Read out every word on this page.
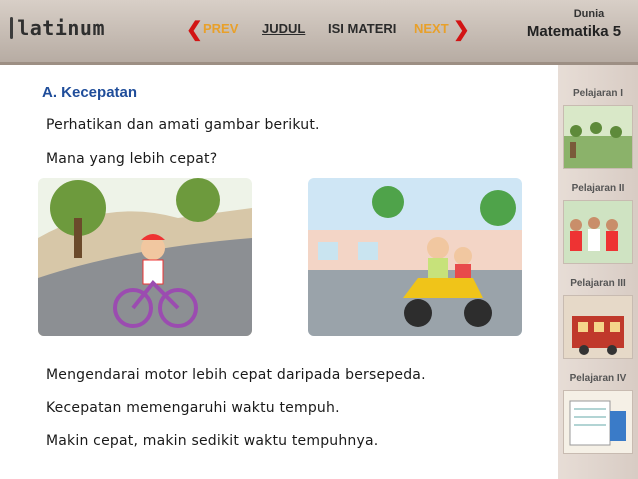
latinum	❮ PREV JUDUL ISI MATERI NEXT ❯
Dunia
Matematika 5
Pelajaran I
Pelajaran II
Pelajaran III
Pelajaran IV
A. Kecepatan
Perhatikan dan amati gambar berikut.
Mana yang lebih cepat?
Mengendarai motor lebih cepat daripada bersepeda.
Kecepatan memengaruhi waktu tempuh.
Makin cepat, makin sedikit waktu tempuhnya.
